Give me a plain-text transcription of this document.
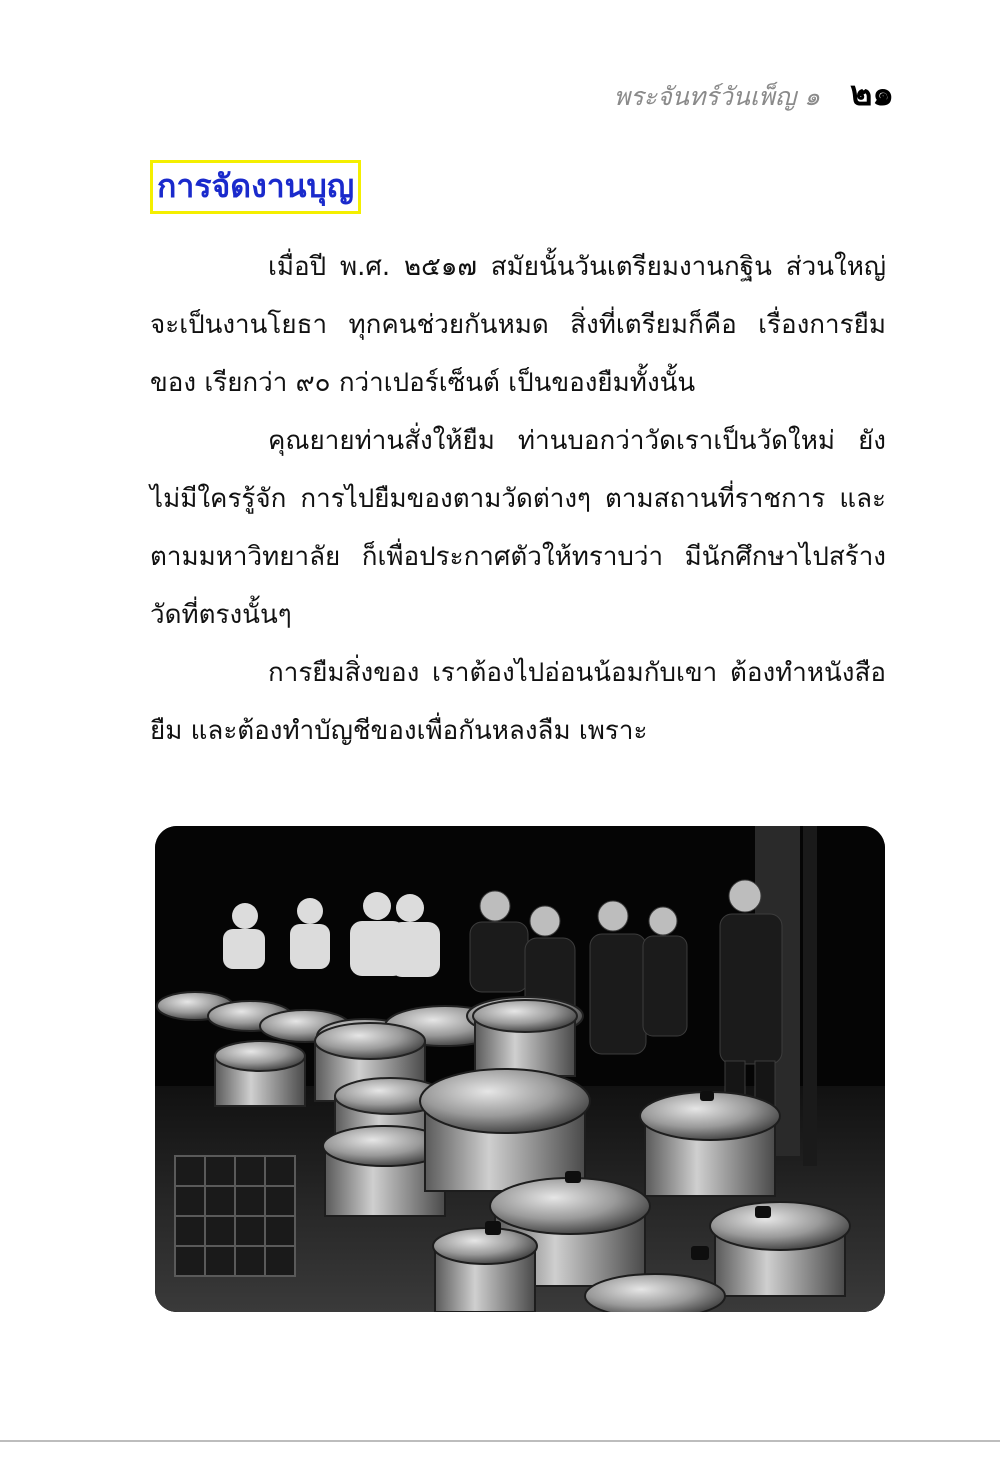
พระจันทร์วันเพ็ญ ๑ ๒๑
การจัดงานบุญ

เมื่อปี พ.ศ. ๒๕๑๗ สมัยนั้นวันเตรียมงานกฐิน ส่วนใหญ่จะเป็นงานโยธา ทุกคนช่วยกันหมด สิ่งที่เตรียมก็คือ เรื่องการยืมของ เรียกว่า ๙๐ กว่าเปอร์เซ็นต์ เป็นของยืมทั้งนั้น

คุณยายท่านสั่งให้ยืม ท่านบอกว่าวัดเราเป็นวัดใหม่ ยังไม่มีใครรู้จัก การไปยืมของตามวัดต่างๆ ตามสถานที่ราชการ และตามมหาวิทยาลัย ก็เพื่อประกาศตัวให้ทราบว่า มีนักศึกษาไปสร้างวัดที่ตรงนั้นๆ

การยืมสิ่งของ เราต้องไปอ่อนน้อมกับเขา ต้องทำหนังสือยืม และต้องทำบัญชีของเพื่อกันหลงลืม เพราะ
